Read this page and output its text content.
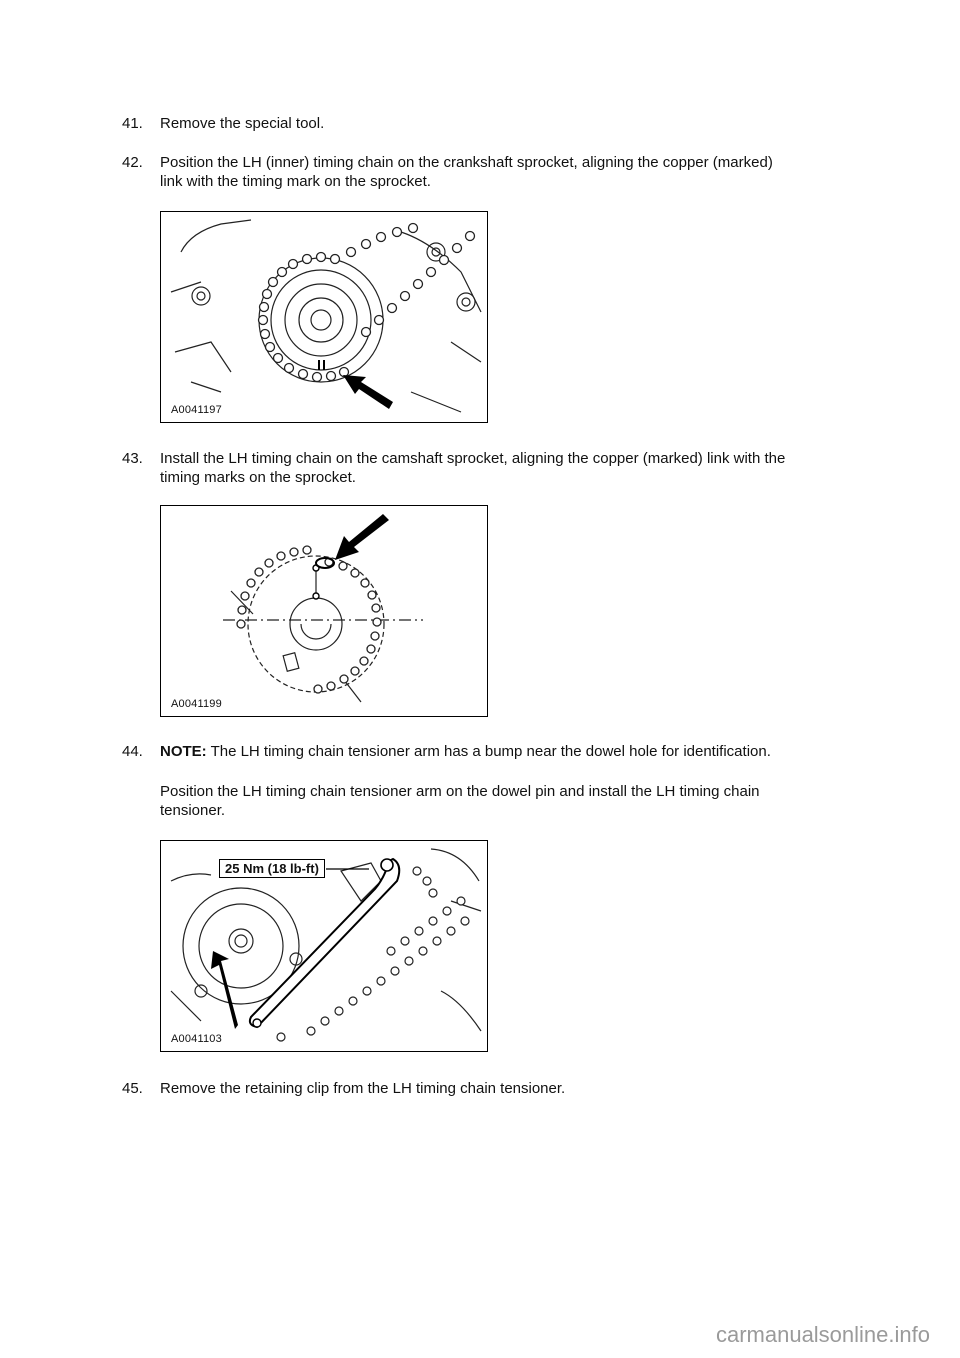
41.	Remove the special tool.
42.	Position the LH (inner) timing chain on the crankshaft sprocket, aligning the copper (marked)
link with the timing mark on the sprocket.
A0041197
43.	Install the LH timing chain on the camshaft sprocket, aligning the copper (marked) link with the
timing marks on the sprocket.
A0041199
44.	NOTE: The LH timing chain tensioner arm has a bump near the dowel hole for identification.
Position the LH timing chain tensioner arm on the dowel pin and install the LH timing chain
tensioner.
25 Nm (18 lb-ft)
A0041103
45.	Remove the retaining clip from the LH timing chain tensioner.
carmanualsonline.info
